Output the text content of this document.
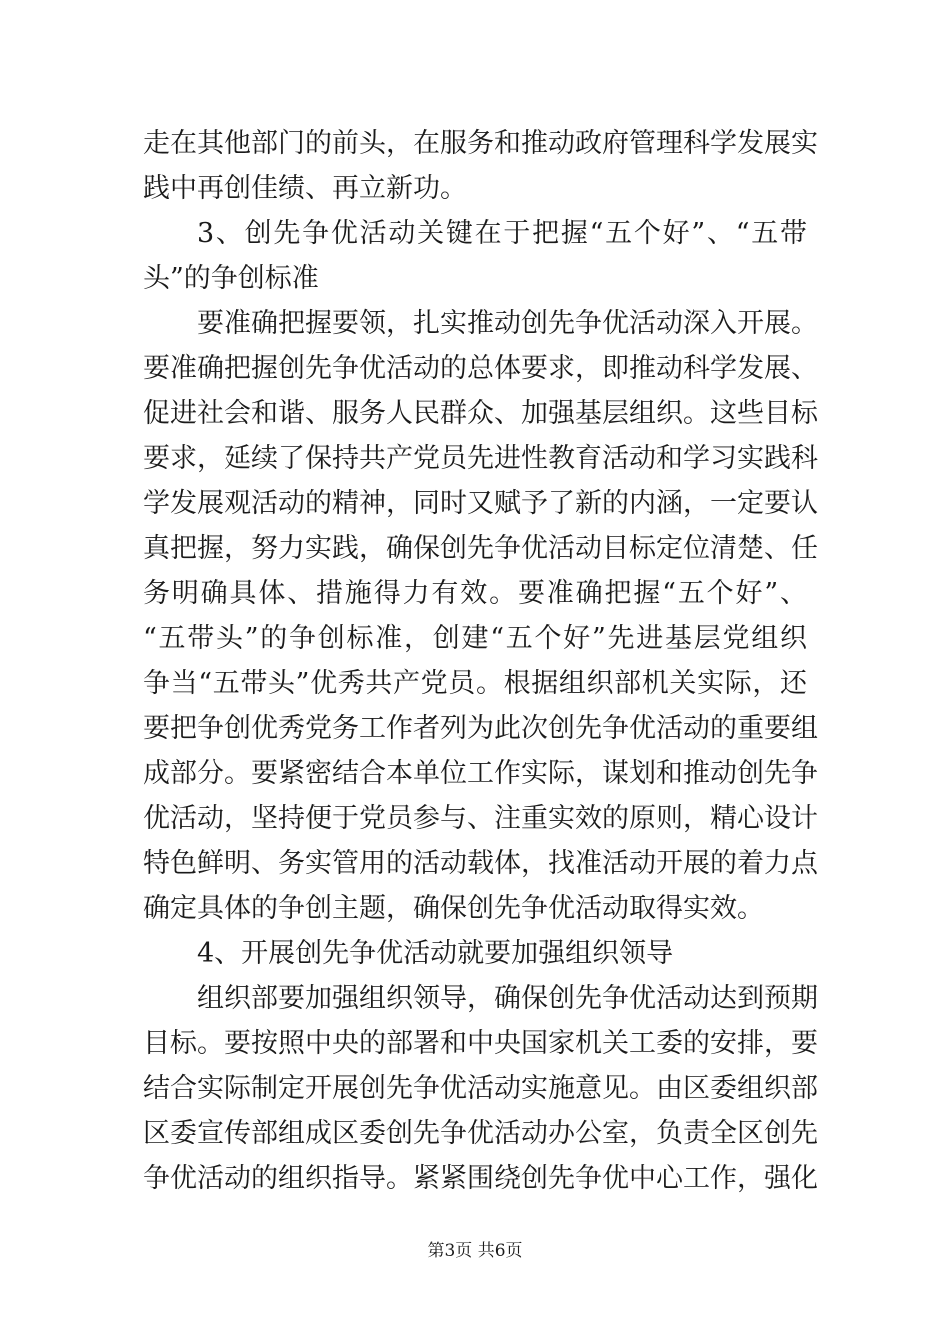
走在其他部门的前头，在服务和推动政府管理科学发展实
践中再创佳绩、再立新功。
3、创先争优活动关键在于把握“五个好”、“五带
头”的争创标准
要准确把握要领，扎实推动创先争优活动深入开展。
要准确把握创先争优活动的总体要求，即推动科学发展、
促进社会和谐、服务人民群众、加强基层组织。这些目标
要求，延续了保持共产党员先进性教育活动和学习实践科
学发展观活动的精神，同时又赋予了新的内涵，一定要认
真把握，努力实践，确保创先争优活动目标定位清楚、任
务明确具体、措施得力有效。要准确把握“五个好”、
“五带头”的争创标准，创建“五个好”先进基层党组织
争当“五带头”优秀共产党员。根据组织部机关实际，还
要把争创优秀党务工作者列为此次创先争优活动的重要组
成部分。要紧密结合本单位工作实际，谋划和推动创先争
优活动，坚持便于党员参与、注重实效的原则，精心设计
特色鲜明、务实管用的活动载体，找准活动开展的着力点
确定具体的争创主题，确保创先争优活动取得实效。
4、开展创先争优活动就要加强组织领导
组织部要加强组织领导，确保创先争优活动达到预期
目标。要按照中央的部署和中央国家机关工委的安排，要
结合实际制定开展创先争优活动实施意见。由区委组织部
区委宣传部组成区委创先争优活动办公室，负责全区创先
争优活动的组织指导。紧紧围绕创先争优中心工作，强化
第3页 共6页
